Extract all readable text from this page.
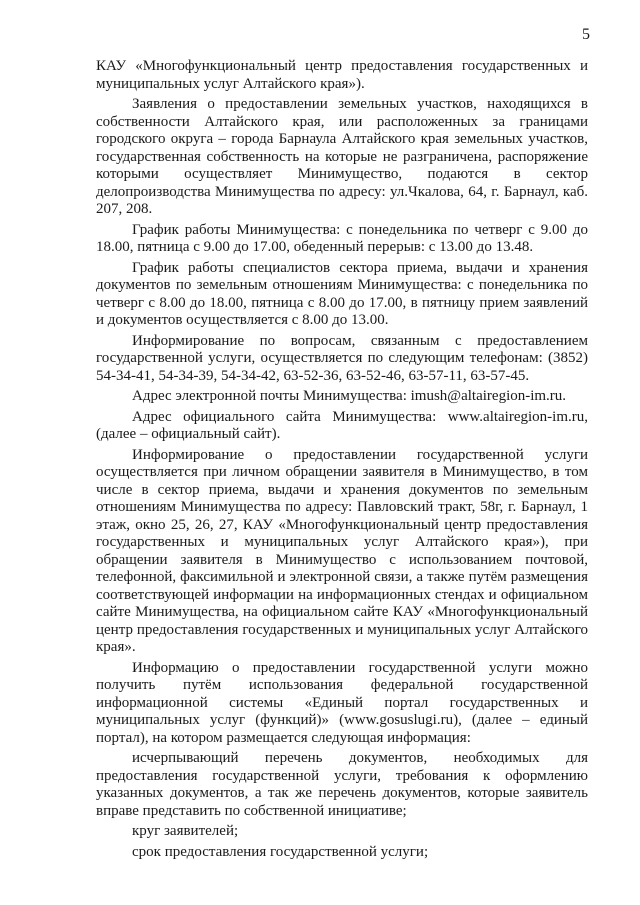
5

КАУ «Многофункциональный центр предоставления государственных и муниципальных услуг Алтайского края»).

Заявления о предоставлении земельных участков, находящихся в собственности Алтайского края, или расположенных за границами городского округа – города Барнаула Алтайского края земельных участков, государственная собственность на которые не разграничена, распоряжение которыми осуществляет Минимущество, подаются в сектор делопроизводства Минимущества по адресу: ул.Чкалова, 64, г. Барнаул, каб. 207, 208.

График работы Минимущества: с понедельника по четверг с 9.00 до 18.00, пятница с 9.00 до 17.00, обеденный перерыв: с 13.00 до 13.48.

График работы специалистов сектора приема, выдачи и хранения документов по земельным отношениям Минимущества: с понедельника по четверг с 8.00 до 18.00, пятница с 8.00 до 17.00, в пятницу прием заявлений и документов осуществляется с 8.00 до 13.00.

Информирование по вопросам, связанным с предоставлением государственной услуги, осуществляется по следующим телефонам: (3852) 54-34-41, 54-34-39, 54-34-42, 63-52-36, 63-52-46, 63-57-11, 63-57-45.

Адрес электронной почты Минимущества: imush@altairegion-im.ru.

Адрес официального сайта Минимущества: www.altairegion-im.ru, (далее – официальный сайт).

Информирование о предоставлении государственной услуги осуществляется при личном обращении заявителя в Минимущество, в том числе в сектор приема, выдачи и хранения документов по земельным отношениям Минимущества по адресу: Павловский тракт, 58г, г. Барнаул, 1 этаж, окно 25, 26, 27, КАУ «Многофункциональный центр предоставления государственных и муниципальных услуг Алтайского края»), при обращении заявителя в Минимущество с использованием почтовой, телефонной, факсимильной и электронной связи, а также путём размещения соответствующей информации на информационных стендах и официальном сайте Минимущества, на официальном сайте КАУ «Многофункциональный центр предоставления государственных и муниципальных услуг Алтайского края».

Информацию о предоставлении государственной услуги можно получить путём использования федеральной государственной информационной системы «Единый портал государственных и муниципальных услуг (функций)» (www.gosuslugi.ru), (далее – единый портал), на котором размещается следующая информация:

исчерпывающий перечень документов, необходимых для предоставления государственной услуги, требования к оформлению указанных документов, а так же перечень документов, которые заявитель вправе представить по собственной инициативе;

круг заявителей;

срок предоставления государственной услуги;
